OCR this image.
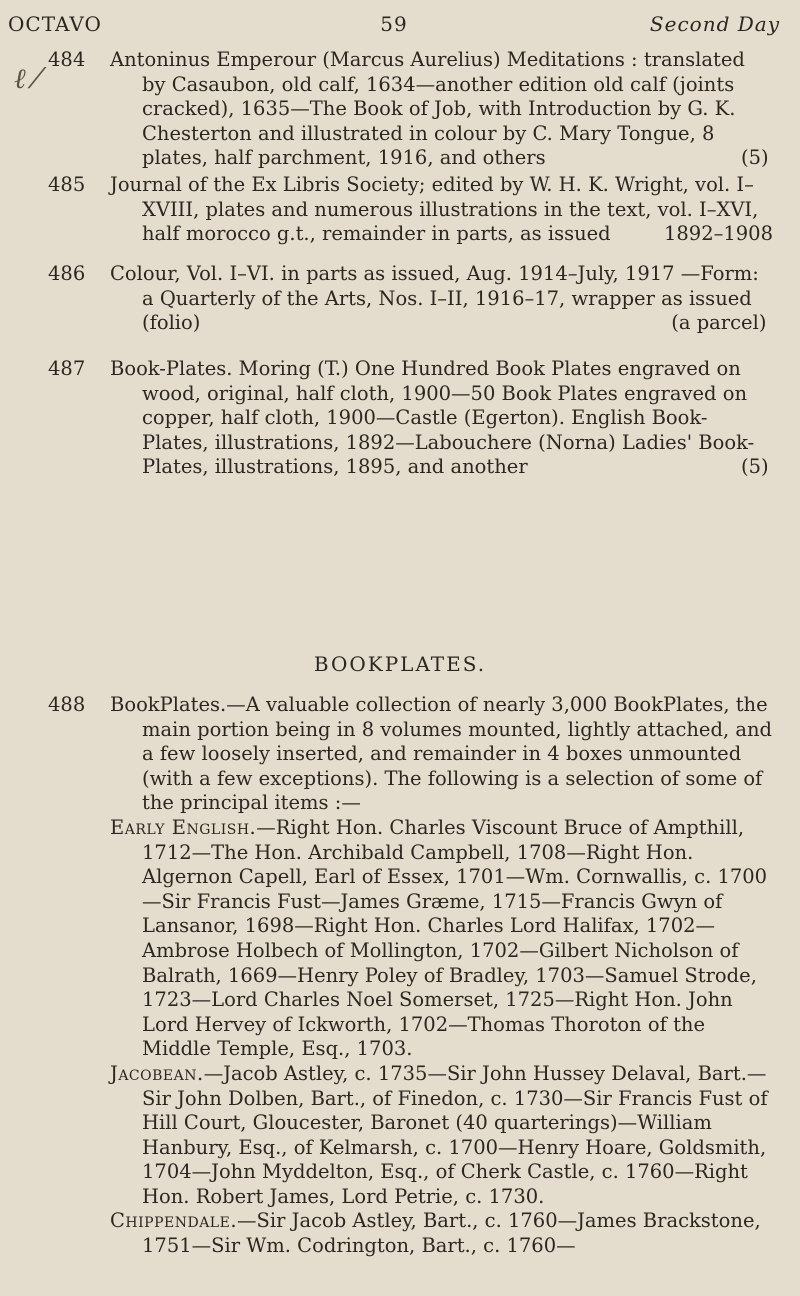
OCTAVO	59	Second Day
ℓ ⁄
484	Antoninus Emperour (Marcus Aurelius) Meditations : translated by Casaubon, old calf, 1634—another edition old calf (joints cracked), 1635—The Book of Job, with Introduction by G. K. Chesterton and illustrated in colour by C. Mary Tongue, 8 plates, half parchment, 1916, and others	(5)
485	Journal of the Ex Libris Society; edited by W. H. K. Wright, vol. I–XVIII, plates and numerous illustrations in the text, vol. I–XVI, half morocco g.t., remainder in parts, as issued	1892–1908
486	Colour, Vol. I–VI. in parts as issued, Aug. 1914–July, 1917 —Form: a Quarterly of the Arts, Nos. I–II, 1916–17, wrapper as issued (folio)	(a parcel)
487	Book-Plates. Moring (T.) One Hundred Book Plates engraved on wood, original, half cloth, 1900—50 Book Plates engraved on copper, half cloth, 1900—Castle (Egerton). English Book-Plates, illustrations, 1892—Labouchere (Norna) Ladies' Book-Plates, illustrations, 1895, and another	(5)
BOOKPLATES.
488	BookPlates.—A valuable collection of nearly 3,000 BookPlates, the main portion being in 8 volumes mounted, lightly attached, and a few loosely inserted, and remainder in 4 boxes unmounted (with a few exceptions). The following is a selection of some of the principal items :—
Early English.—Right Hon. Charles Viscount Bruce of Ampthill, 1712—The Hon. Archibald Campbell, 1708—Right Hon. Algernon Capell, Earl of Essex, 1701—Wm. Cornwallis, c. 1700—Sir Francis Fust—James Græme, 1715—Francis Gwyn of Lansanor, 1698—Right Hon. Charles Lord Halifax, 1702—Ambrose Holbech of Mollington, 1702—Gilbert Nicholson of Balrath, 1669—Henry Poley of Bradley, 1703—Samuel Strode, 1723—Lord Charles Noel Somerset, 1725—Right Hon. John Lord Hervey of Ickworth, 1702—Thomas Thoroton of the Middle Temple, Esq., 1703.
Jacobean.—Jacob Astley, c. 1735—Sir John Hussey Delaval, Bart.—Sir John Dolben, Bart., of Finedon, c. 1730—Sir Francis Fust of Hill Court, Gloucester, Baronet (40 quarterings)—William Hanbury, Esq., of Kelmarsh, c. 1700—Henry Hoare, Goldsmith, 1704—John Myddelton, Esq., of Cherk Castle, c. 1760—Right Hon. Robert James, Lord Petrie, c. 1730.
Chippendale.—Sir Jacob Astley, Bart., c. 1760—James Brackstone, 1751—Sir Wm. Codrington, Bart., c. 1760—
